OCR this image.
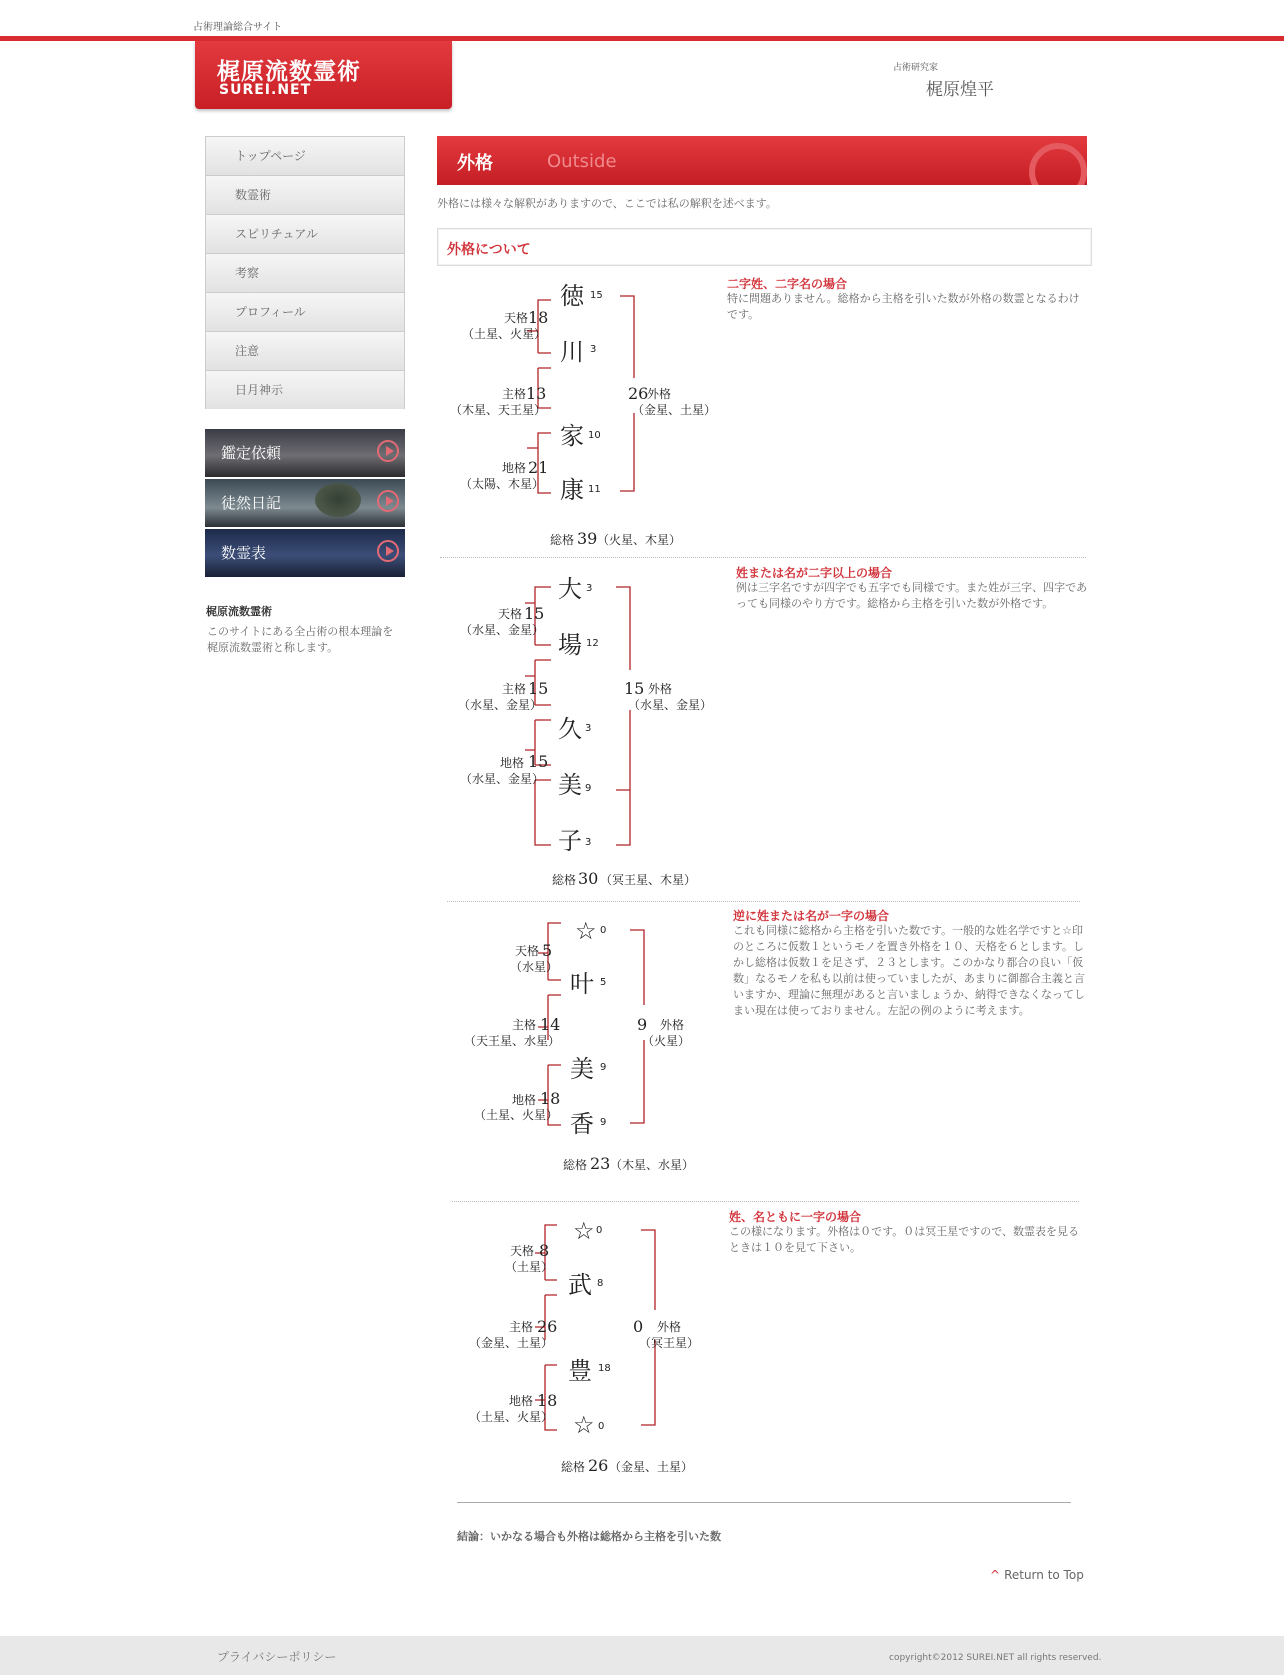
占術理論総合サイト
梶原流数霊術
SUREI.NET
占術研究家
梶原煌平
トップページ
数霊術
スピリチュアル
考察
プロフィール
注意
日月神示
鑑定依頼
徒然日記
数霊表
梶原流数霊術
このサイトにある全占術の根本理論を
梶原流数霊術と称します。
外格	Outside
外格には様々な解釈がありますので、ここでは私の解釈を述べます。
外格について
徳 15
川 3
家 10
康 11
天格 18
（土星、火星）
主格 13
（木星、天王星）
地格 21
（太陽、木星）
26
外格
（金星、土星）
総格 39 （火星、木星）
二字姓、二字名の場合
特に問題ありません。総格から主格を引いた数が外格の数霊となるわけです。
大 3
場 12
久 3
美 9
子 3
天格 15
（水星、金星）
主格 15
（水星、金星）
地格 15
（水星、金星）
15 外格
（水星、金星）
総格 30 （冥王星、木星）
姓または名が二字以上の場合
例は三字名ですが四字でも五字でも同様です。また姓が三字、四字であっても同様のやり方です。総格から主格を引いた数が外格です。
☆ 0
叶 5
美 9
香 9
天格 5
（水星）
主格 14
（天王星、水星）
地格 18
（土星、火星）
9 外格
（火星）
総格 23 （木星、水星）
逆に姓または名が一字の場合
これも同様に総格から主格を引いた数です。一般的な姓名学ですと☆印のところに仮数１というモノを置き外格を１０、天格を６とします。しかし総格は仮数１を足さず、２３とします。このかなり都合の良い「仮数」なるモノを私も以前は使っていましたが、あまりに御都合主義と言いますか、理論に無理があると言いましょうか、納得できなくなってしまい現在は使っておりません。左記の例のように考えます。
☆ 0
武 8
豊 18
☆ 0
天格 8
（土星）
主格 26
（金星、土星）
地格 18
（土星、火星）
0 外格
（冥王星）
総格 26 （金星、土星）
姓、名ともに一字の場合
この様になります。外格は０です。０は冥王星ですので、数霊表を見るときは１０を見て下さい。
結論：いかなる場合も外格は総格から主格を引いた数
^ Return to Top
プライバシーポリシー	copyright©2012 SUREI.NET all rights reserved.
